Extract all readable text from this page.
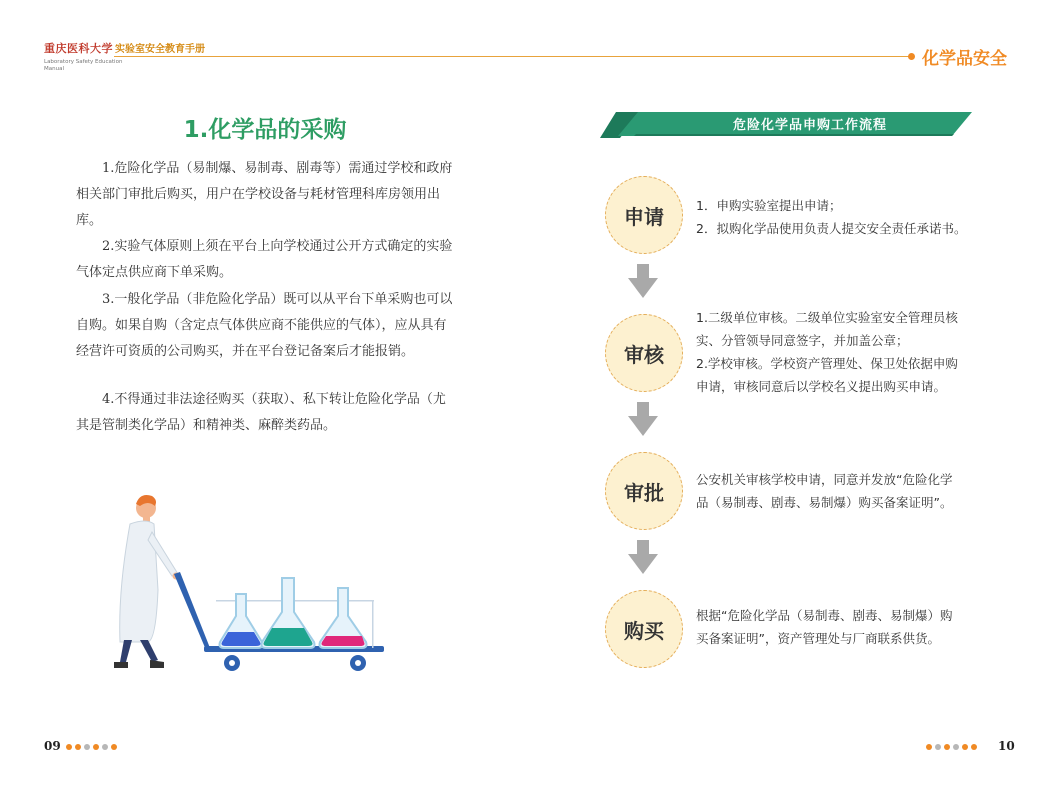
重庆医科大学 实验室安全教育手册
Laboratory Safety Education
Manual	化学品安全
1.化学品的采购

1.危险化学品（易制爆、易制毒、剧毒等）需通过学校和政府相关部门审批后购买，用户在学校设备与耗材管理科库房领用出库。

2.实验气体原则上须在平台上向学校通过公开方式确定的实验气体定点供应商下单采购。

3.一般化学品（非危险化学品）既可以从平台下单采购也可以自购。如果自购（含定点气体供应商不能供应的气体），应从具有经营许可资质的公司购买，并在平台登记备案后才能报销。

4.不得通过非法途径购买（获取）、私下转让危险化学品（尤其是管制类化学品）和精神类、麻醉类药品。

危险化学品申购工作流程
申请	1．申购实验室提出申请；
2．拟购化学品使用负责人提交安全责任承诺书。
审核
1.二级单位审核。二级单位实验室安全管理员核
实、分管领导同意签字，并加盖公章；
2.学校审核。学校资产管理处、保卫处依据申购
申请，审核同意后以学校名义提出购买申请。
审批
公安机关审核学校申请，同意并发放“危险化学
品（易制毒、剧毒、易制爆）购买备案证明”。
购买
根据“危险化学品（易制毒、剧毒、易制爆）购
买备案证明”，资产管理处与厂商联系供货。
09	10
